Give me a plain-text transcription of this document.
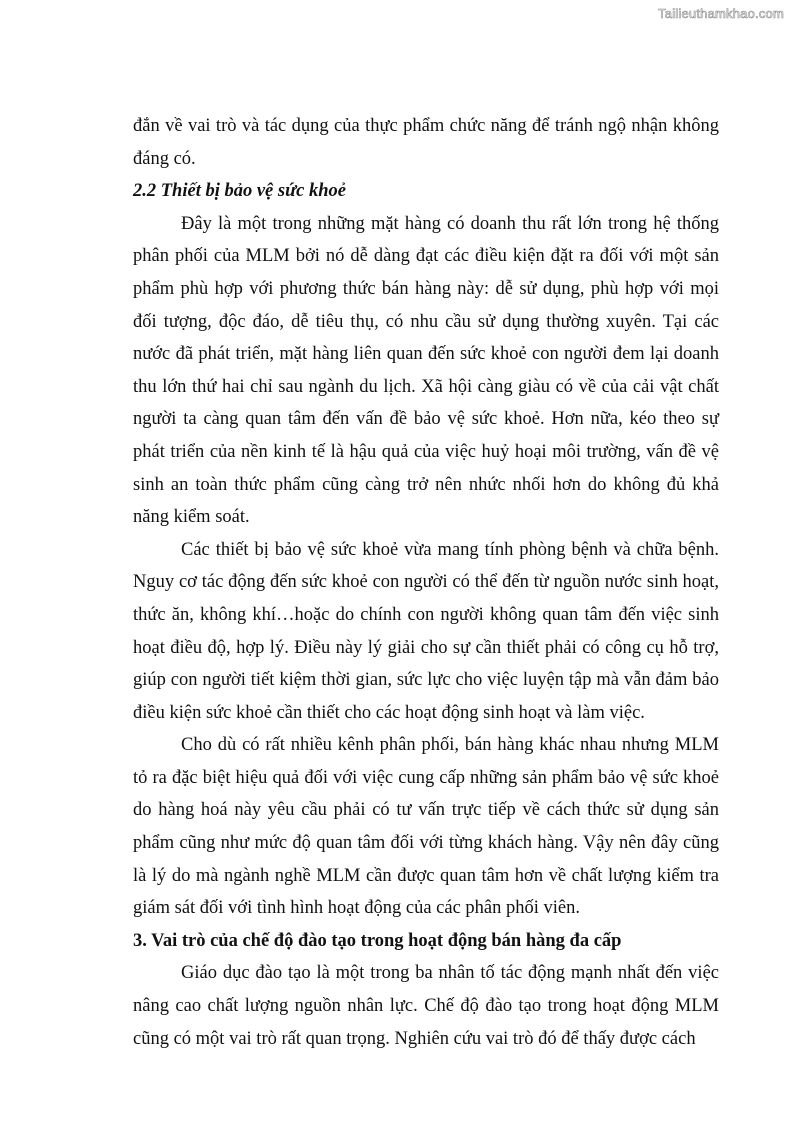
Tailieuthamkhao.com

đắn về vai trò và tác dụng của thực phẩm chức năng để tránh ngộ nhận không đáng có.

2.2 Thiết bị bảo vệ sức khoẻ

Đây là một trong những mặt hàng có doanh thu rất lớn trong hệ thống phân phối của MLM bởi nó dễ dàng đạt các điều kiện đặt ra đối với một sản phẩm phù hợp với phương thức bán hàng này: dễ sử dụng, phù hợp với mọi đối tượng, độc đáo, dễ tiêu thụ, có nhu cầu sử dụng thường xuyên. Tại các nước đã phát triển, mặt hàng liên quan đến sức khoẻ con người đem lại doanh thu lớn thứ hai chỉ sau ngành du lịch. Xã hội càng giàu có về của cải vật chất người ta càng quan tâm đến vấn đề bảo vệ sức khoẻ. Hơn nữa, kéo theo sự phát triển của nền kinh tế là hậu quả của việc huỷ hoại môi trường, vấn đề vệ sinh an toàn thức phẩm cũng càng trở nên nhức nhối hơn do không đủ khả năng kiểm soát.

Các thiết bị bảo vệ sức khoẻ vừa mang tính phòng bệnh và chữa bệnh. Nguy cơ tác động đến sức khoẻ con người có thể đến từ nguồn nước sinh hoạt, thức ăn, không khí…hoặc do chính con người không quan tâm đến việc sinh hoạt điều độ, hợp lý. Điều này lý giải cho sự cần thiết phải có công cụ hỗ trợ, giúp con người tiết kiệm thời gian, sức lực cho việc luyện tập mà vẫn đảm bảo điều kiện sức khoẻ cần thiết cho các hoạt động sinh hoạt và làm việc.

Cho dù có rất nhiều kênh phân phối, bán hàng khác nhau nhưng MLM tỏ ra đặc biệt hiệu quả đối với việc cung cấp những sản phẩm bảo vệ sức khoẻ do hàng hoá này yêu cầu phải có tư vấn trực tiếp về cách thức sử dụng sản phẩm cũng như mức độ quan tâm đối với từng khách hàng. Vậy nên đây cũng là lý do mà ngành nghề MLM cần được quan tâm hơn về chất lượng kiểm tra giám sát đối với tình hình hoạt động của các phân phối viên.

3. Vai trò của chế độ đào tạo trong hoạt động bán hàng đa cấp

Giáo dục đào tạo là một trong ba nhân tố tác động mạnh nhất đến việc nâng cao chất lượng nguồn nhân lực. Chế độ đào tạo trong hoạt động MLM cũng có một vai trò rất quan trọng. Nghiên cứu vai trò đó để thấy được cách
